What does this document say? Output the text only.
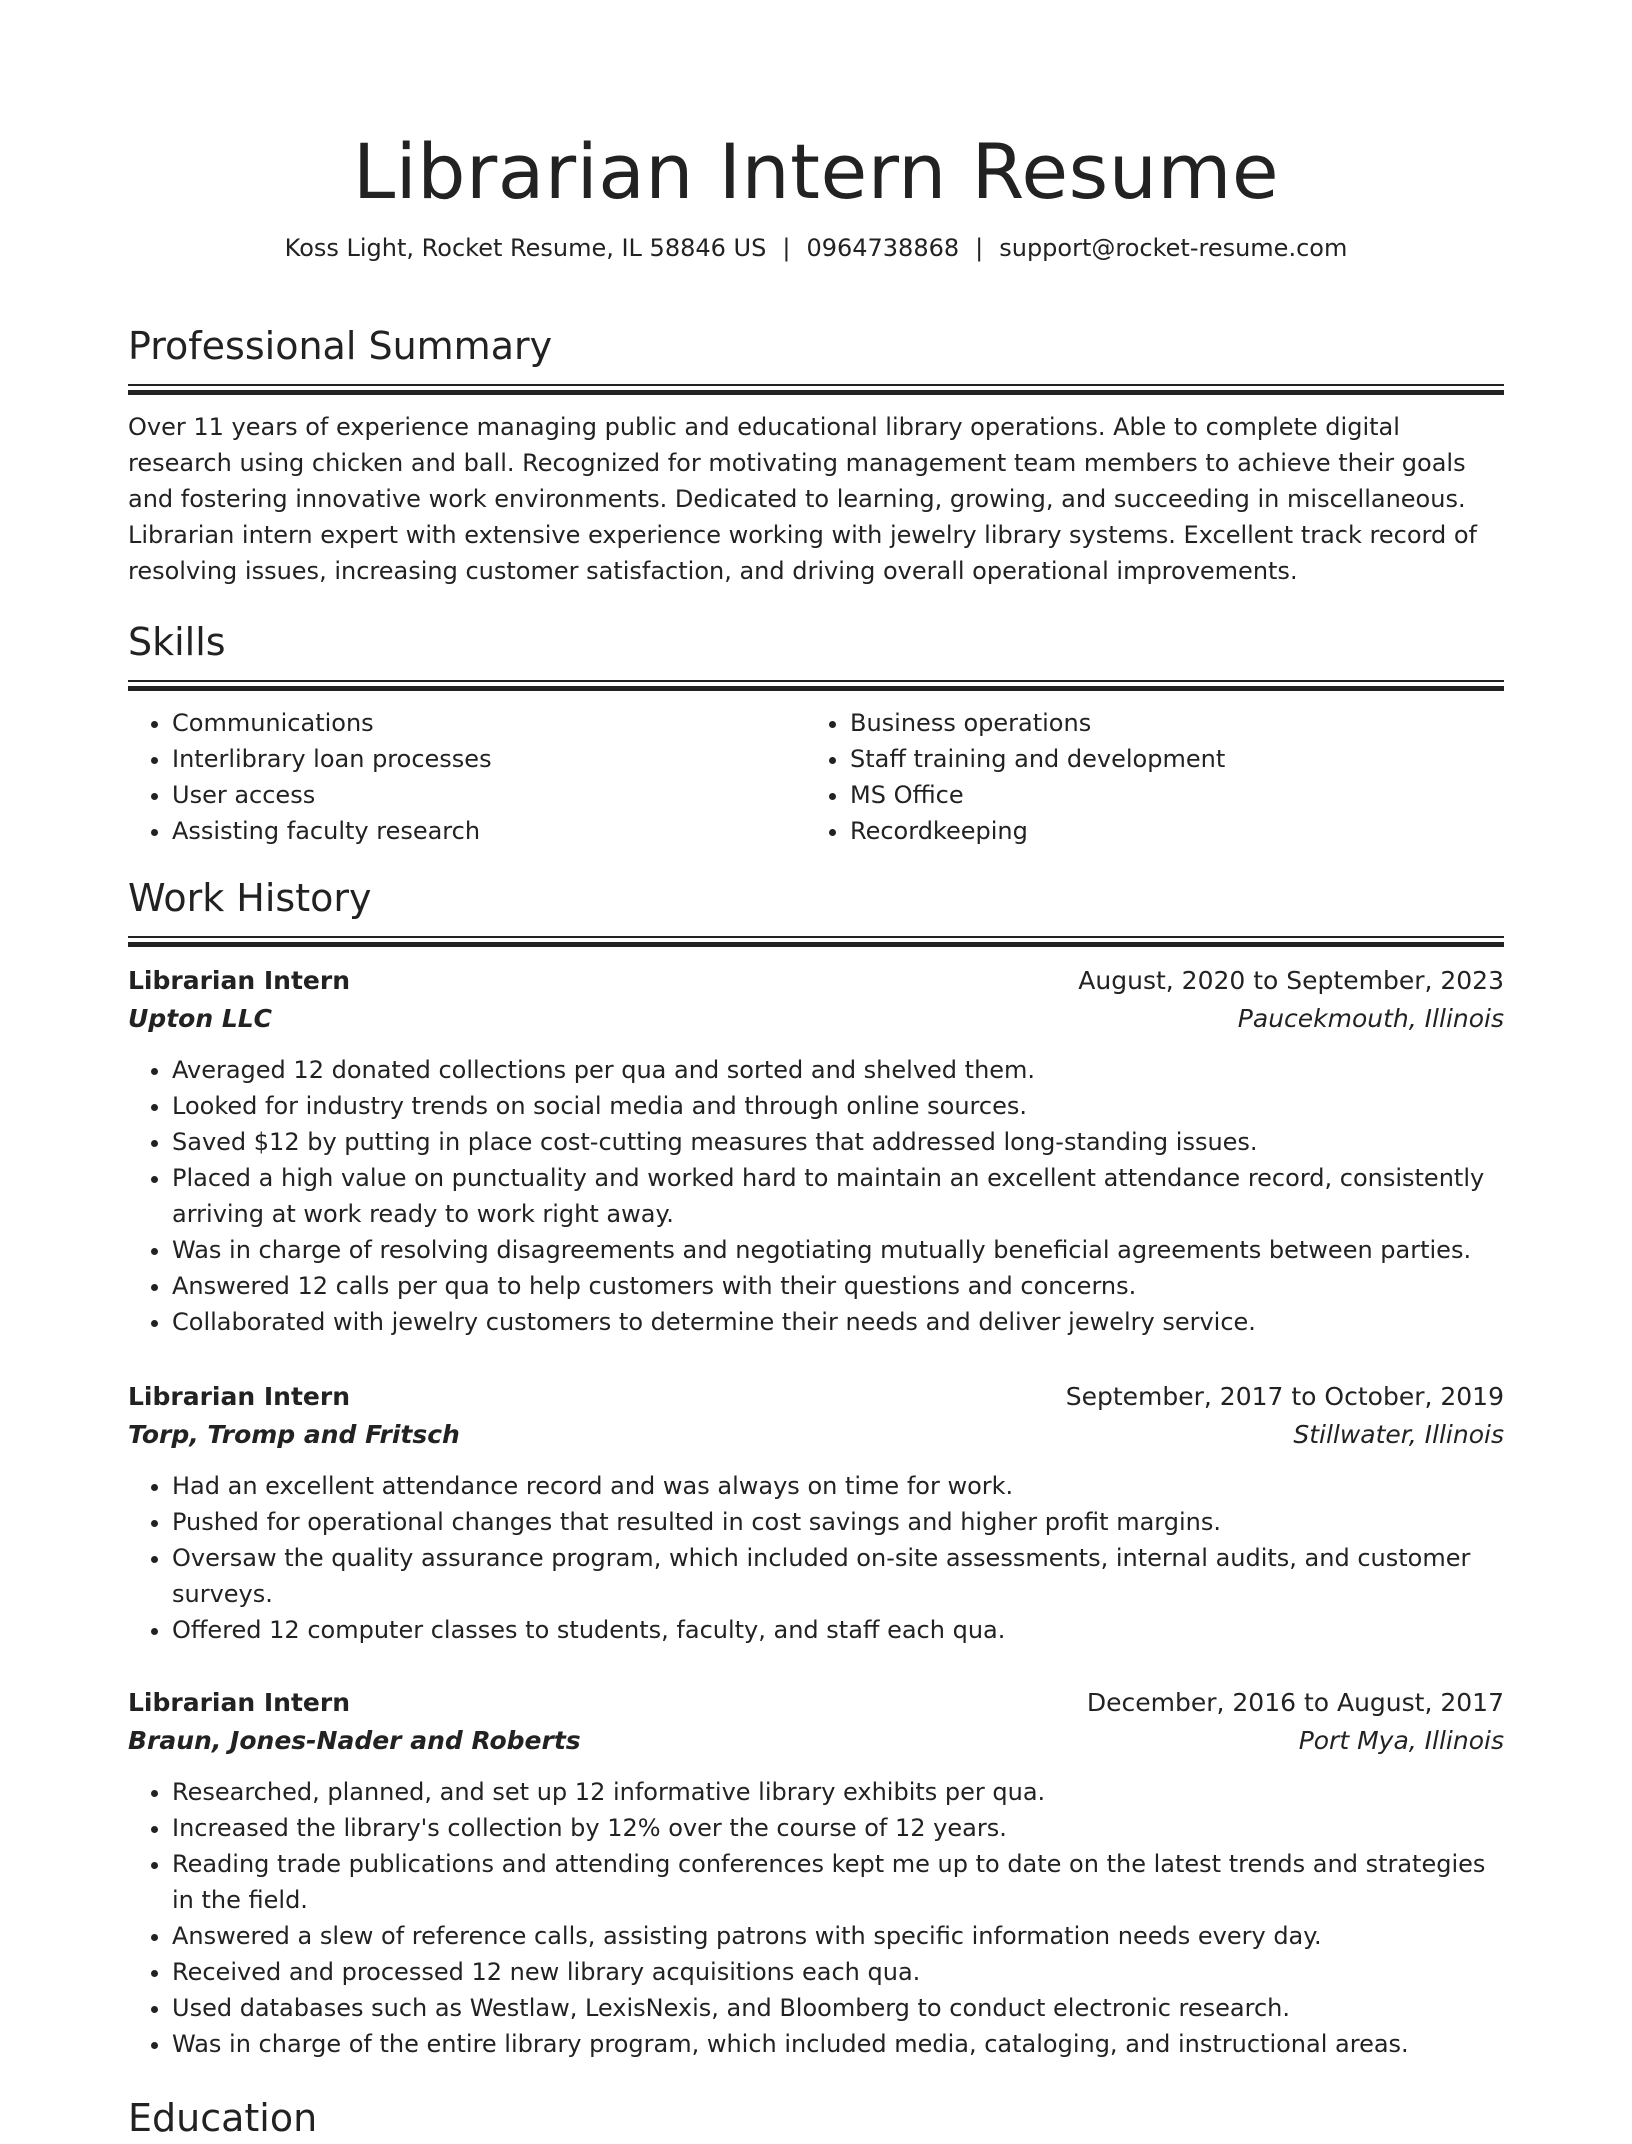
Librarian Intern Resume
Koss Light, Rocket Resume, IL 58846 US | 0964738868 | support@rocket-resume.com
Professional Summary

Over 11 years of experience managing public and educational library operations. Able to complete digital research using chicken and ball. Recognized for motivating management team members to achieve their goals and fostering innovative work environments. Dedicated to learning, growing, and succeeding in miscellaneous. Librarian intern expert with extensive experience working with jewelry library systems. Excellent track record of resolving issues, increasing customer satisfaction, and driving overall operational improvements.

Skills
• Communications
• Interlibrary loan processes
• User access
• Assisting faculty research
• Business operations
• Staff training and development
• MS Office
• Recordkeeping
Work History
Librarian Intern	August, 2020 to September, 2023
Upton LLC	Paucekmouth, Illinois
• Averaged 12 donated collections per qua and sorted and shelved them.
• Looked for industry trends on social media and through online sources.
• Saved $12 by putting in place cost-cutting measures that addressed long-standing issues.
• Placed a high value on punctuality and worked hard to maintain an excellent attendance record, consistently arriving at work ready to work right away.
• Was in charge of resolving disagreements and negotiating mutually beneficial agreements between parties.
• Answered 12 calls per qua to help customers with their questions and concerns.
• Collaborated with jewelry customers to determine their needs and deliver jewelry service.
Librarian Intern	September, 2017 to October, 2019
Torp, Tromp and Fritsch	Stillwater, Illinois
• Had an excellent attendance record and was always on time for work.
• Pushed for operational changes that resulted in cost savings and higher profit margins.
• Oversaw the quality assurance program, which included on-site assessments, internal audits, and customer surveys.
• Offered 12 computer classes to students, faculty, and staff each qua.
Librarian Intern	December, 2016 to August, 2017
Braun, Jones-Nader and Roberts	Port Mya, Illinois
• Researched, planned, and set up 12 informative library exhibits per qua.
• Increased the library's collection by 12% over the course of 12 years.
• Reading trade publications and attending conferences kept me up to date on the latest trends and strategies in the field.
• Answered a slew of reference calls, assisting patrons with specific information needs every day.
• Received and processed 12 new library acquisitions each qua.
• Used databases such as Westlaw, LexisNexis, and Bloomberg to conduct electronic research.
• Was in charge of the entire library program, which included media, cataloging, and instructional areas.
Education
